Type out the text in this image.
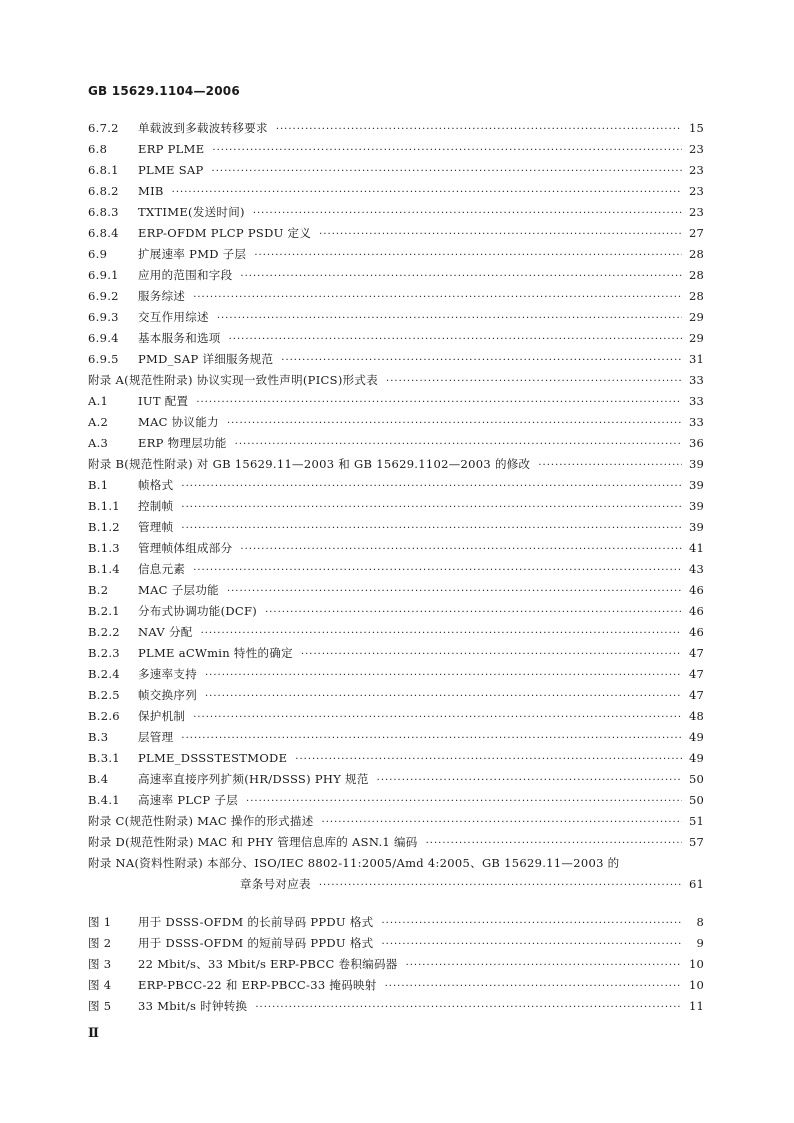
GB 15629.1104—2006
6.7.2	单载波到多载波转移要求 ·····	15
6.8	ERP PLME ·····	23
6.8.1	PLME SAP ·····	23
6.8.2	MIB ·····	23
6.8.3	TXTIME(发送时间) ·····	23
6.8.4	ERP-OFDM PLCP PSDU 定义 ·····	27
6.9	扩展速率 PMD 子层 ·····	28
6.9.1	应用的范围和字段 ·····	28
6.9.2	服务综述 ·····	28
6.9.3	交互作用综述 ·····	29
6.9.4	基本服务和选项 ·····	29
6.9.5	PMD_SAP 详细服务规范 ·····	31
附录 A(规范性附录) 协议实现一致性声明(PICS)形式表 ·····	33
A.1	IUT 配置 ·····	33
A.2	MAC 协议能力 ·····	33
A.3	ERP 物理层功能 ·····	36
附录 B(规范性附录) 对 GB 15629.11—2003 和 GB 15629.1102—2003 的修改 ·····	39
B.1	帧格式 ·····	39
B.1.1	控制帧 ·····	39
B.1.2	管理帧 ·····	39
B.1.3	管理帧体组成部分 ·····	41
B.1.4	信息元素 ·····	43
B.2	MAC 子层功能 ·····	46
B.2.1	分布式协调功能(DCF) ·····	46
B.2.2	NAV 分配 ·····	46
B.2.3	PLME aCWmin 特性的确定 ·····	47
B.2.4	多速率支持 ·····	47
B.2.5	帧交换序列 ·····	47
B.2.6	保护机制 ·····	48
B.3	层管理 ·····	49
B.3.1	PLME_DSSSTESTMODE ·····	49
B.4	高速率直接序列扩频(HR/DSSS) PHY 规范 ·····	50
B.4.1	高速率 PLCP 子层 ·····	50
附录 C(规范性附录) MAC 操作的形式描述 ·····	51
附录 D(规范性附录) MAC 和 PHY 管理信息库的 ASN.1 编码 ·····	57
附录 NA(资料性附录) 本部分、ISO/IEC 8802-11:2005/Amd 4:2005、GB 15629.11—2003 的
章条号对应表 ·····	61
图 1	用于 DSSS-OFDM 的长前导码 PPDU 格式 ·····	8
图 2	用于 DSSS-OFDM 的短前导码 PPDU 格式 ·····	9
图 3	22 Mbit/s、33 Mbit/s ERP-PBCC 卷积编码器 ·····	10
图 4	ERP-PBCC-22 和 ERP-PBCC-33 掩码映射 ·····	10
图 5	33 Mbit/s 时钟转换 ·····	11
Ⅱ
